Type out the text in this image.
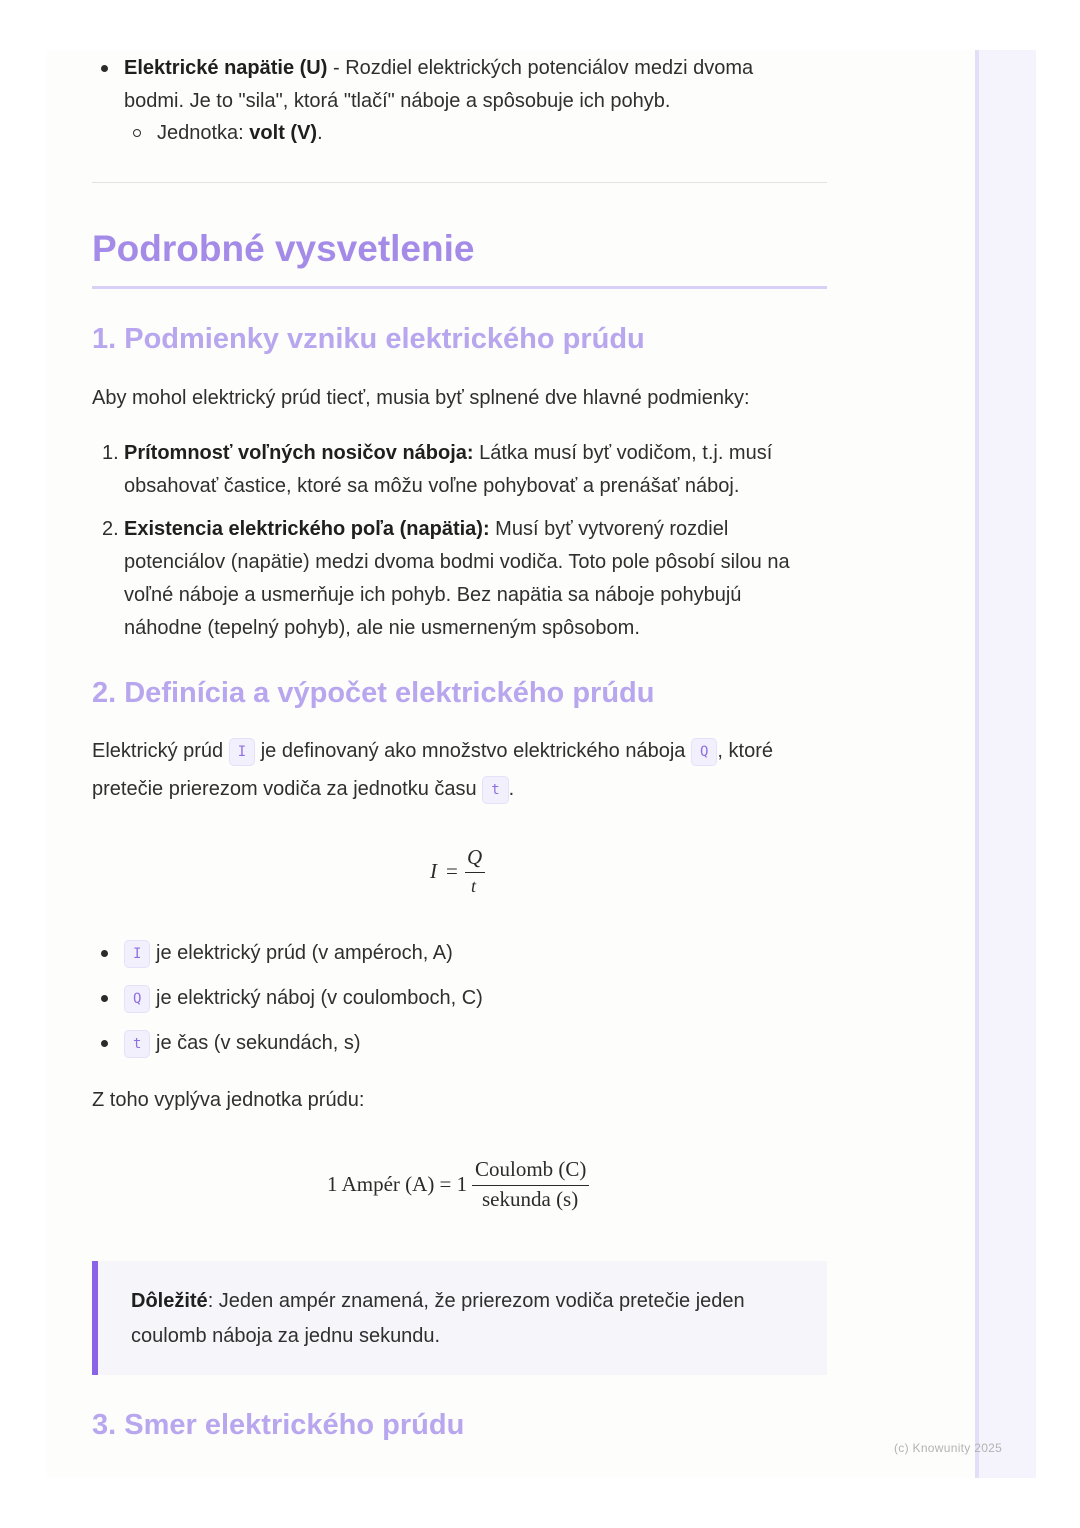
Elektrické napätie (U) - Rozdiel elektrických potenciálov medzi dvoma
bodmi. Je to "sila", ktorá "tlačí" náboje a spôsobuje ich pohyb.
Jednotka: volt (V).
Podrobné vysvetlenie
1. Podmienky vzniku elektrického prúdu
Aby mohol elektrický prúd tiecť, musia byť splnené dve hlavné podmienky:
1. Prítomnosť voľných nosičov náboja: Látka musí byť vodičom, t.j. musí
obsahovať častice, ktoré sa môžu voľne pohybovať a prenášať náboj.
2. Existencia elektrického poľa (napätia): Musí byť vytvorený rozdiel
potenciálov (napätie) medzi dvoma bodmi vodiča. Toto pole pôsobí silou na
voľné náboje a usmerňuje ich pohyb. Bez napätia sa náboje pohybujú
náhodne (tepelný pohyb), ale nie usmerneným spôsobom.
2. Definícia a výpočet elektrického prúdu
Elektrický prúd I je definovaný ako množstvo elektrického náboja Q , ktoré
pretečie prierezom vodiča za jednotku času t .
I =
Q
t
I je elektrický prúd (v ampéroch, A)
Q je elektrický náboj (v coulomboch, C)
t je čas (v sekundách, s)
Z toho vyplýva jednotka prúdu:
1 Ampér (A) = 1
Coulomb (C)
sekunda (s)
Dôležité: Jeden ampér znamená, že prierezom vodiča pretečie jeden
coulomb náboja za jednu sekundu.
3. Smer elektrického prúdu
(c) Knowunity 2025
